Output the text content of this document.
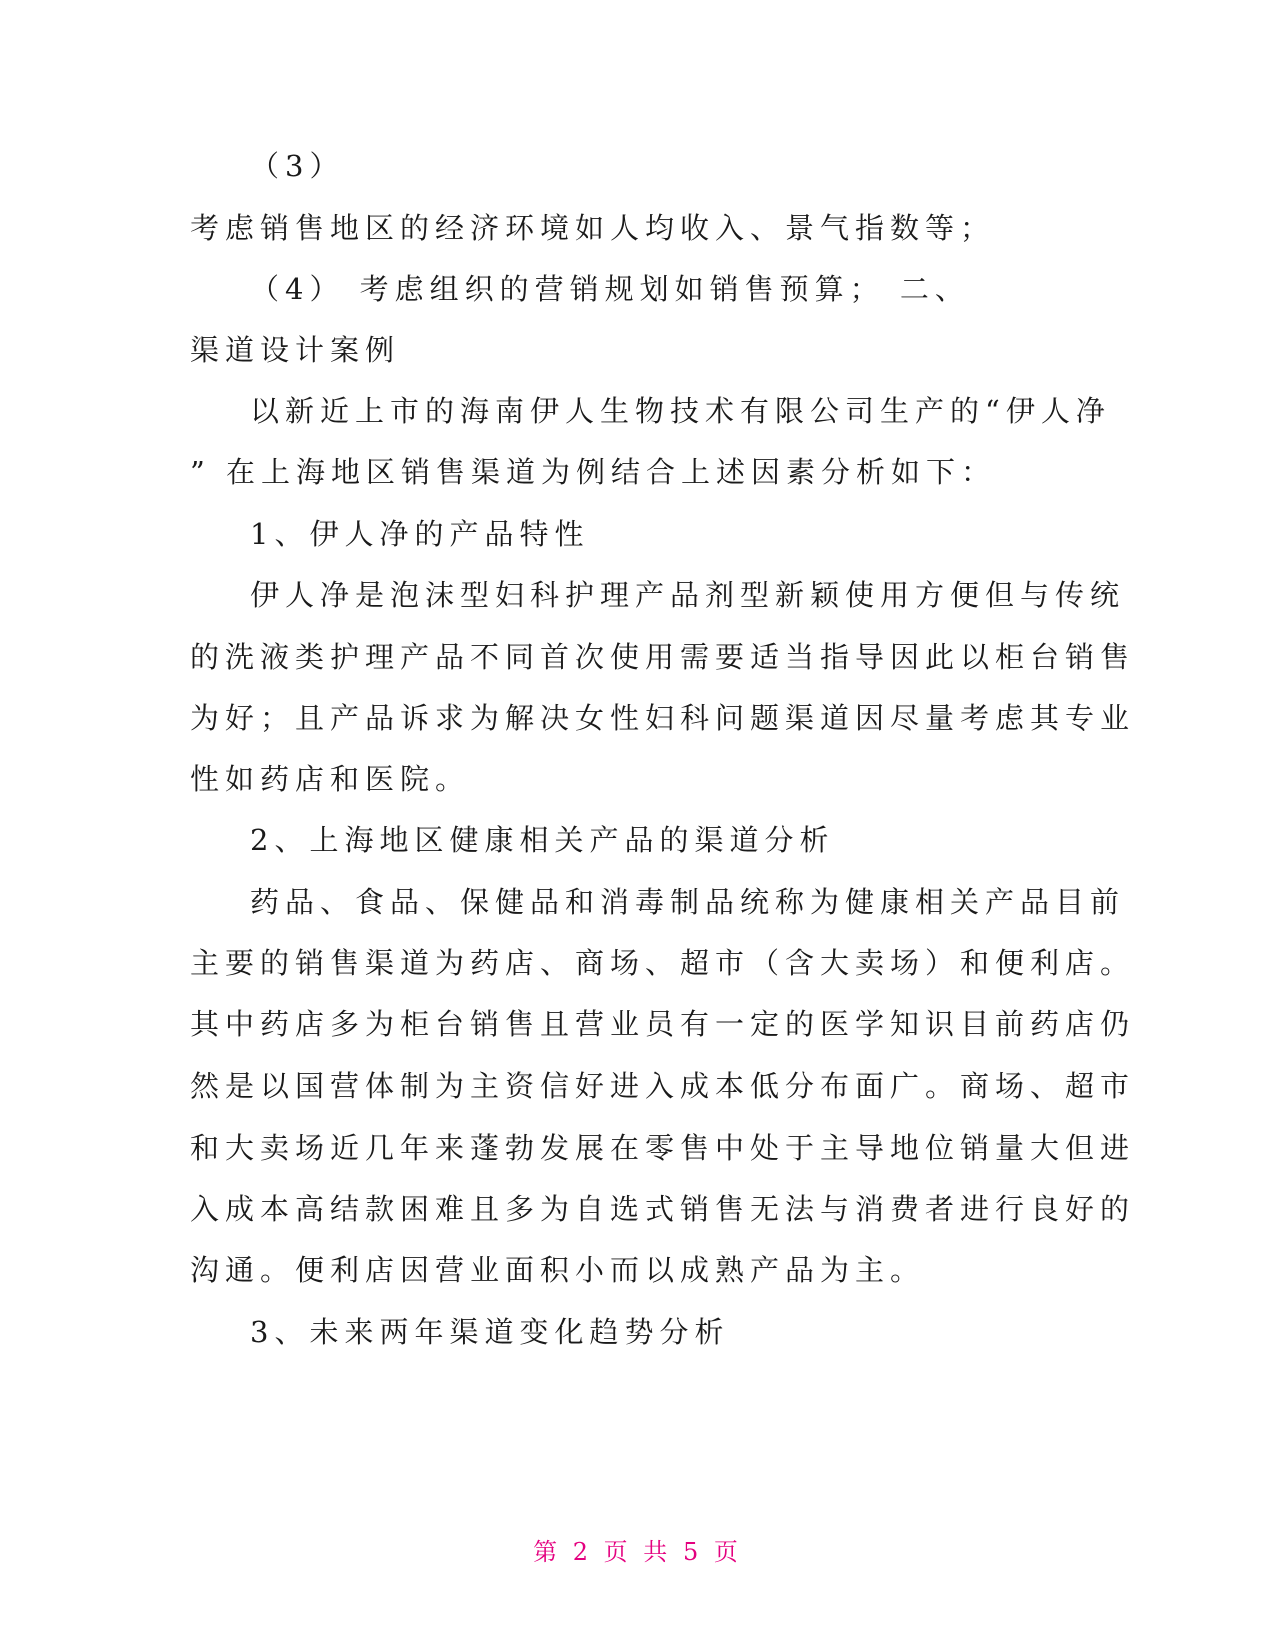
（3）
考虑销售地区的经济环境如人均收入、景气指数等；
（4） 考虑组织的营销规划如销售预算； 二、
渠道设计案例
以新近上市的海南伊人生物技术有限公司生产的“伊人净
” 在上海地区销售渠道为例结合上述因素分析如下：
1、伊人净的产品特性
伊人净是泡沫型妇科护理产品剂型新颖使用方便但与传统
的洗液类护理产品不同首次使用需要适当指导因此以柜台销售
为好；且产品诉求为解决女性妇科问题渠道因尽量考虑其专业
性如药店和医院。
2、上海地区健康相关产品的渠道分析
药品、食品、保健品和消毒制品统称为健康相关产品目前
主要的销售渠道为药店、商场、超市（含大卖场）和便利店。
其中药店多为柜台销售且营业员有一定的医学知识目前药店仍
然是以国营体制为主资信好进入成本低分布面广。商场、超市
和大卖场近几年来蓬勃发展在零售中处于主导地位销量大但进
入成本高结款困难且多为自选式销售无法与消费者进行良好的
沟通。便利店因营业面积小而以成熟产品为主。
3、未来两年渠道变化趋势分析
第 2 页 共 5 页
